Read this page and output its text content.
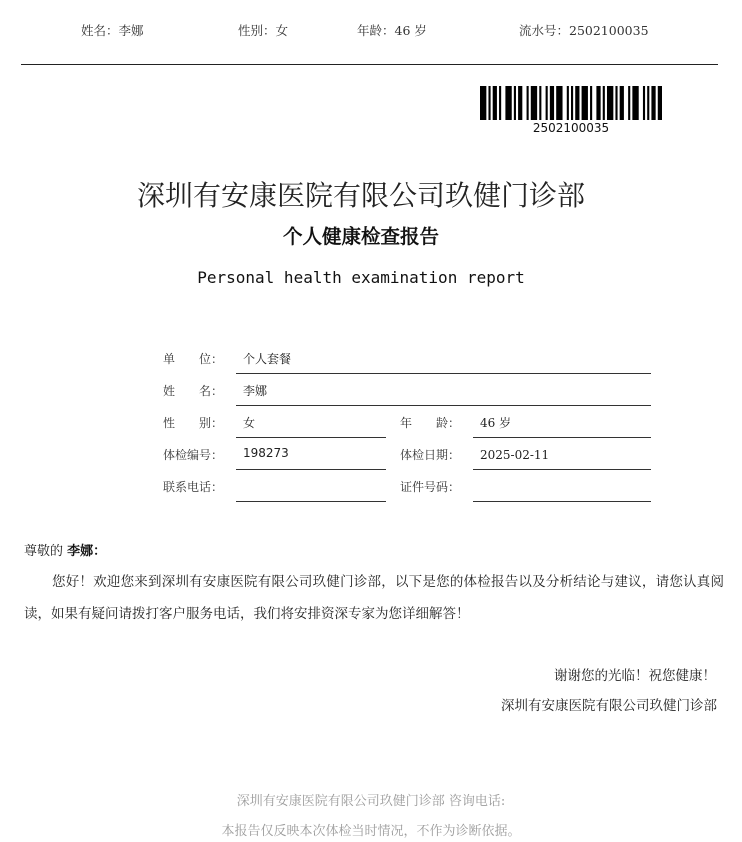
姓名：李娜	性别：女	年龄：46 岁	流水号：2502100035
2502100035
深圳有安康医院有限公司玖健门诊部
个人健康检查报告
Personal health examination report
单　　位： 个人套餐
姓　　名： 李娜
性　　别： 女	年　　龄： 46 岁
体检编号： 198273	体检日期： 2025-02-11
联系电话：	证件号码：
尊敬的 李娜：
您好！欢迎您来到深圳有安康医院有限公司玖健门诊部，以下是您的体检报告以及分析结论与建议，请您认真阅读，如果有疑问请拨打客户服务电话，我们将安排资深专家为您详细解答！
谢谢您的光临！祝您健康！
深圳有安康医院有限公司玖健门诊部
深圳有安康医院有限公司玖健门诊部 咨询电话:
本报告仅反映本次体检当时情况，不作为诊断依据。
